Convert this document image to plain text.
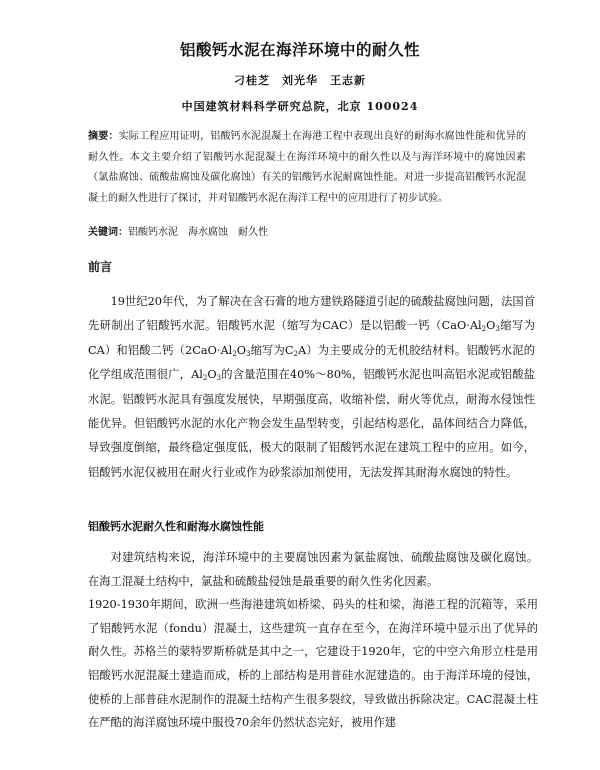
铝酸钙水泥在海洋环境中的耐久性
刁桂芝　刘光华　王志新
中国建筑材料科学研究总院，北京 100024
摘要：实际工程应用证明，铝酸钙水泥混凝土在海港工程中表现出良好的耐海水腐蚀性能和优异的耐久性。本文主要介绍了铝酸钙水泥混凝土在海洋环境中的耐久性以及与海洋环境中的腐蚀因素（氯盐腐蚀、硫酸盐腐蚀及碳化腐蚀）有关的铝酸钙水泥耐腐蚀性能。对进一步提高铝酸钙水泥混凝土的耐久性进行了探讨，并对铝酸钙水泥在海洋工程中的应用进行了初步试验。
关键词：铝酸钙水泥　海水腐蚀　耐久性
前言

19世纪20年代，为了解决在含石膏的地方建铁路隧道引起的硫酸盐腐蚀问题，法国首先研制出了铝酸钙水泥。铝酸钙水泥（缩写为CAC）是以铝酸一钙（$CaO\cdot Al_2O_3$缩写为CA）和铝酸二钙（$2CaO\cdot Al_2O_3$缩写为$C_2A$）为主要成分的无机胶结材料。铝酸钙水泥的化学组成范围很广，$Al_2O_3$的含量范围在40%～80%，铝酸钙水泥也叫高铝水泥或铝酸盐水泥。铝酸钙水泥具有强度发展快，早期强度高，收缩补偿，耐火等优点，耐海水侵蚀性能优异。但铝酸钙水泥的水化产物会发生晶型转变，引起结构恶化，晶体间结合力降低，导致强度倒缩，最终稳定强度低，极大的限制了铝酸钙水泥在建筑工程中的应用。如今，铝酸钙水泥仅被用在耐火行业或作为砂浆添加剂使用，无法发挥其耐海水腐蚀的特性。

铝酸钙水泥耐久性和耐海水腐蚀性能
对建筑结构来说，海洋环境中的主要腐蚀因素为氯盐腐蚀、硫酸盐腐蚀及碳化腐蚀。在海工混凝土结构中，氯盐和硫酸盐侵蚀是最重要的耐久性劣化因素。
1920-1930年期间，欧洲一些海港建筑如桥梁、码头的柱和梁，海港工程的沉箱等，采用了铝酸钙水泥（fondu）混凝土，这些建筑一直存在至今，在海洋环境中显示出了优异的耐久性。苏格兰的蒙特罗斯桥就是其中之一，它建设于1920年，它的中空六角形立柱是用铝酸钙水泥混凝土建造而成，桥的上部结构是用普硅水泥建造的。由于海洋环境的侵蚀，使桥的上部普硅水泥制作的混凝土结构产生很多裂纹，导致做出拆除决定。CAC混凝土柱在严酷的海洋腐蚀环境中服役70余年仍然状态完好，被用作建
